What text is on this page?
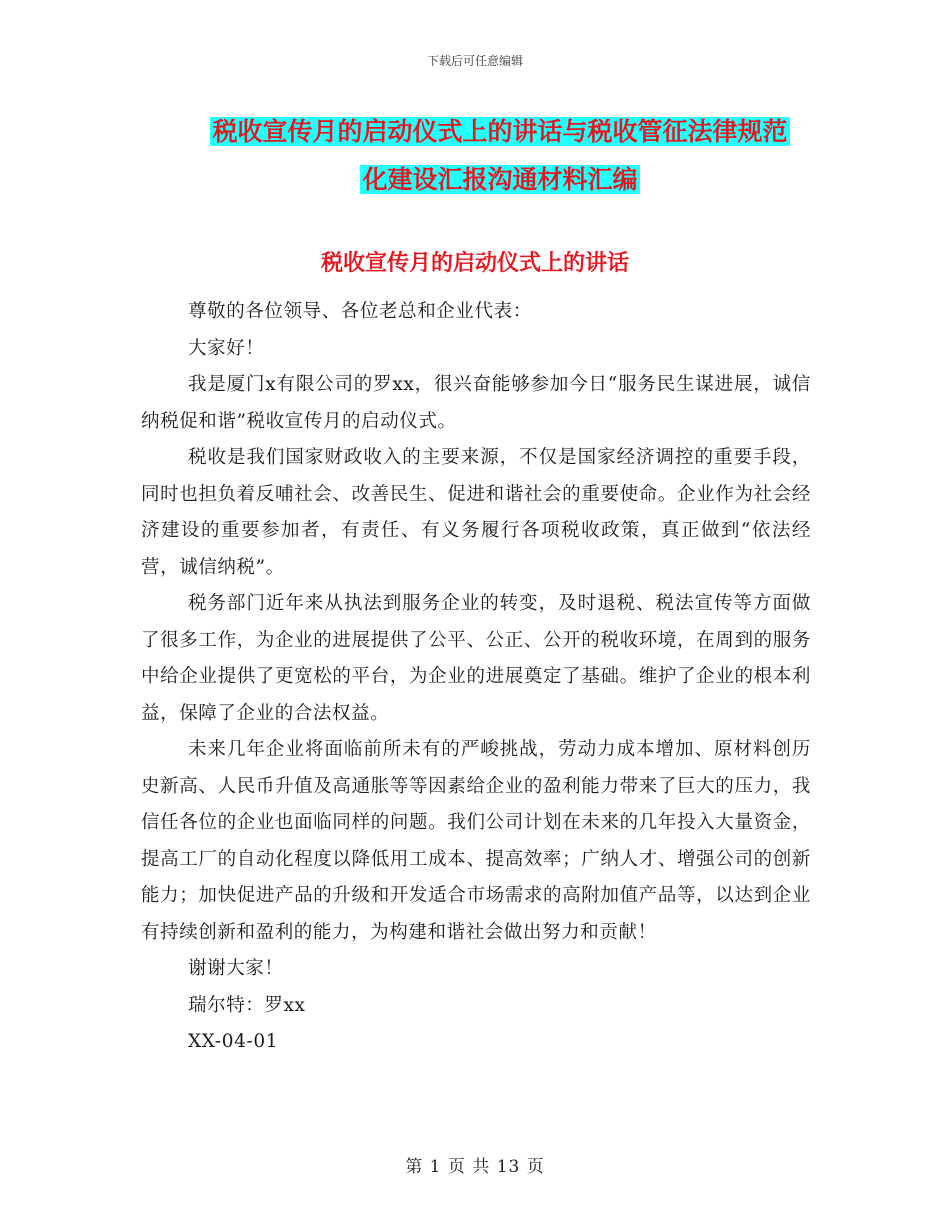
下载后可任意编辑
税收宣传月的启动仪式上的讲话与税收管征法律规范
化建设汇报沟通材料汇编
税收宣传月的启动仪式上的讲话

尊敬的各位领导、各位老总和企业代表：

大家好！

我是厦门x有限公司的罗xx，很兴奋能够参加今日“服务民生谋进展，诚信纳税促和谐”税收宣传月的启动仪式。

税收是我们国家财政收入的主要来源，不仅是国家经济调控的重要手段，同时也担负着反哺社会、改善民生、促进和谐社会的重要使命。企业作为社会经济建设的重要参加者，有责任、有义务履行各项税收政策，真正做到“依法经营，诚信纳税”。

税务部门近年来从执法到服务企业的转变，及时退税、税法宣传等方面做了很多工作，为企业的进展提供了公平、公正、公开的税收环境，在周到的服务中给企业提供了更宽松的平台，为企业的进展奠定了基础。维护了企业的根本利益，保障了企业的合法权益。

未来几年企业将面临前所未有的严峻挑战，劳动力成本增加、原材料创历史新高、人民币升值及高通胀等等因素给企业的盈利能力带来了巨大的压力，我信任各位的企业也面临同样的问题。我们公司计划在未来的几年投入大量资金，提高工厂的自动化程度以降低用工成本、提高效率；广纳人才、增强公司的创新能力；加快促进产品的升级和开发适合市场需求的高附加值产品等，以达到企业有持续创新和盈利的能力，为构建和谐社会做出努力和贡献！

谢谢大家！

瑞尔特：罗xx

XX-04-01

第 1 页 共 13 页
